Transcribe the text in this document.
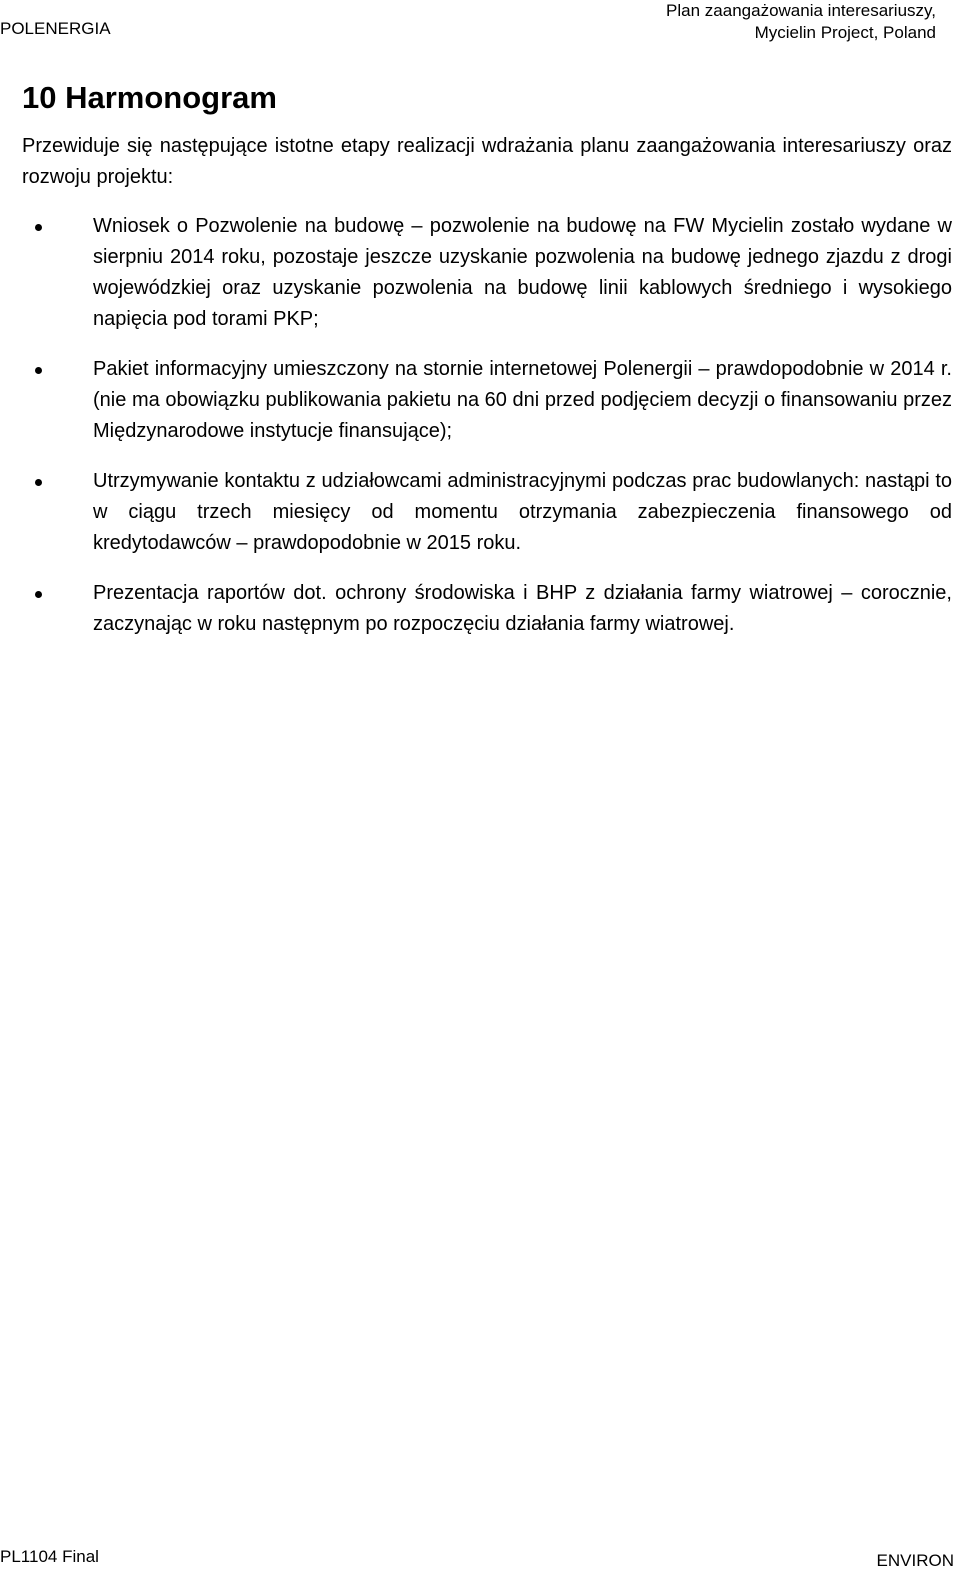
POLENERGIA
Plan zaangażowania interesariuszy,
Mycielin Project, Poland
10 Harmonogram

Przewiduje się następujące istotne etapy realizacji wdrażania planu zaangażowania interesariuszy oraz rozwoju projektu:

Wniosek o Pozwolenie na budowę – pozwolenie na budowę na FW Mycielin zostało wydane w sierpniu 2014 roku, pozostaje jeszcze uzyskanie pozwolenia na budowę jednego zjazdu z drogi wojewódzkiej oraz uzyskanie pozwolenia na budowę linii kablowych średniego i wysokiego napięcia pod torami PKP;
Pakiet informacyjny umieszczony na stornie internetowej Polenergii – prawdopodobnie w 2014 r. (nie ma obowiązku publikowania pakietu na 60 dni przed podjęciem decyzji o finansowaniu przez Międzynarodowe instytucje finansujące);
Utrzymywanie kontaktu z udziałowcami administracyjnymi podczas prac budowlanych: nastąpi to w ciągu trzech miesięcy od momentu otrzymania zabezpieczenia finansowego od kredytodawców – prawdopodobnie w 2015 roku.
Prezentacja raportów dot. ochrony środowiska i BHP z działania farmy wiatrowej – corocznie, zaczynając w roku następnym po rozpoczęciu działania farmy wiatrowej.
PL1104 Final	ENVIRON
